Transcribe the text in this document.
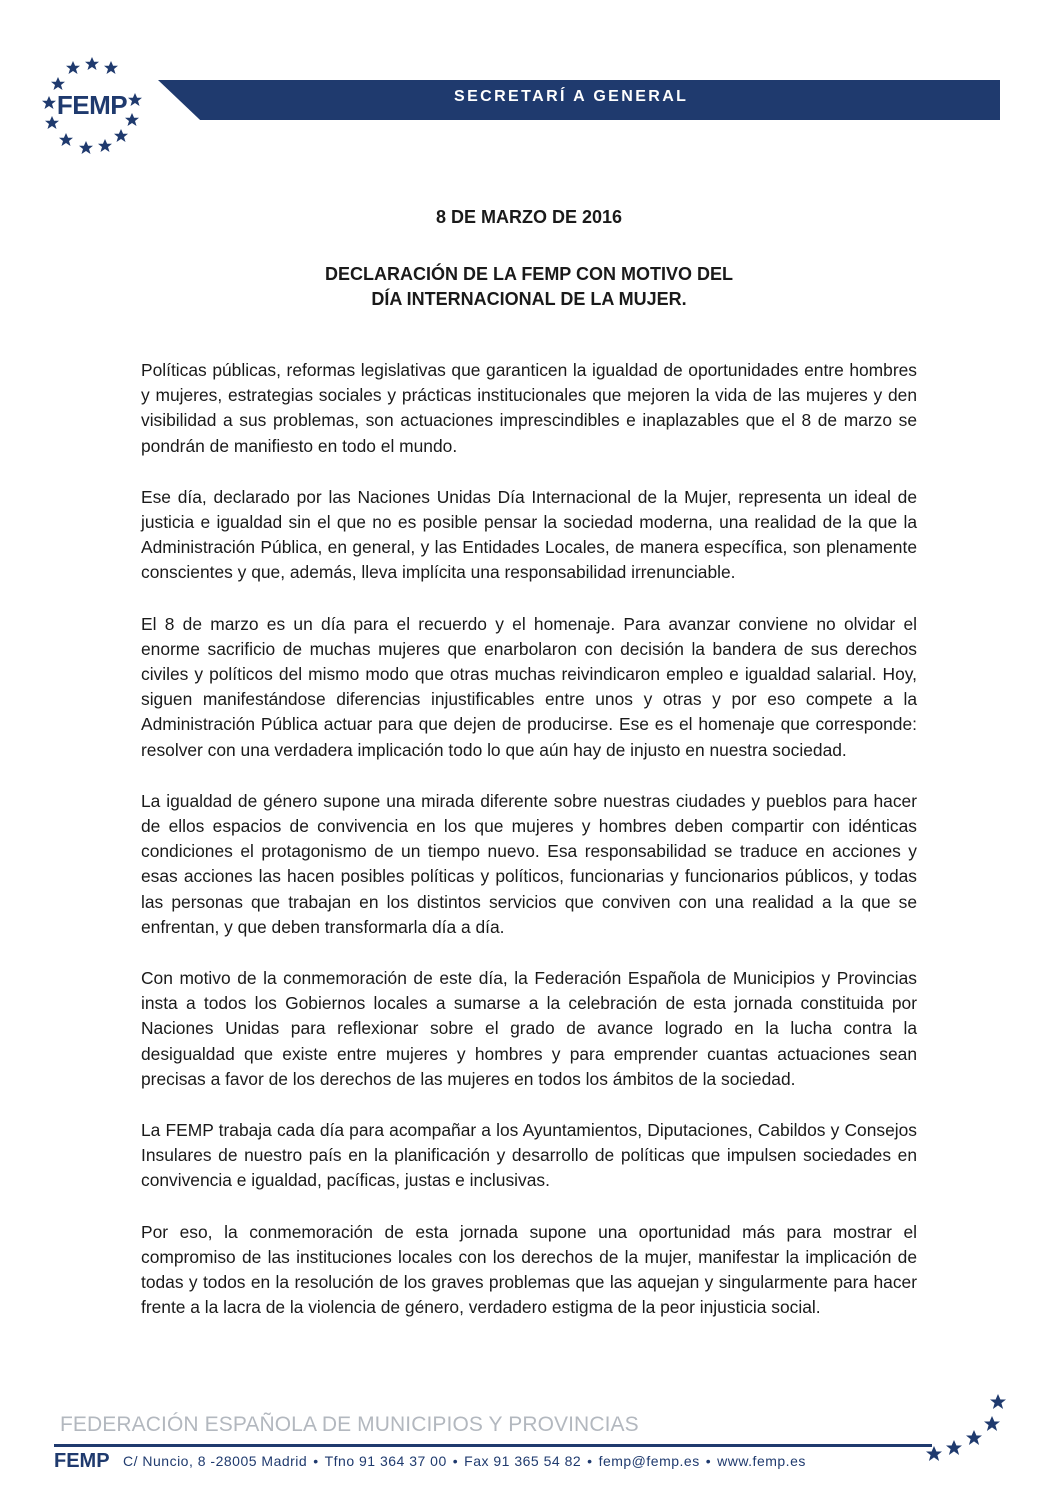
FEMP	SECRETARÍ A GENERAL
8 DE MARZO DE 2016
DECLARACIÓN DE LA FEMP CON MOTIVO DEL
DÍA INTERNACIONAL DE LA MUJER.

Políticas públicas, reformas legislativas que garanticen la igualdad de oportunidades entre hombres y mujeres, estrategias sociales y prácticas institucionales que mejoren la vida de las mujeres y den visibilidad a sus problemas, son actuaciones imprescindibles e inaplazables que el 8 de marzo se pondrán de manifiesto en todo el mundo.

Ese día, declarado por las Naciones Unidas Día Internacional de la Mujer, representa un ideal de justicia e igualdad sin el que no es posible pensar la sociedad moderna, una realidad de la que la Administración Pública, en general, y las Entidades Locales, de manera específica, son plenamente conscientes y que, además, lleva implícita una responsabilidad irrenunciable.

El 8 de marzo es un día para el recuerdo y el homenaje. Para avanzar conviene no olvidar el enorme sacrificio de muchas mujeres que enarbolaron con decisión la bandera de sus derechos civiles y políticos del mismo modo que otras muchas reivindicaron empleo e igualdad salarial. Hoy, siguen manifestándose diferencias injustificables entre unos y otras y por eso compete a la Administración Pública actuar para que dejen de producirse. Ese es el homenaje que corresponde: resolver con una verdadera implicación todo lo que aún hay de injusto en nuestra sociedad.

La igualdad de género supone una mirada diferente sobre nuestras ciudades y pueblos para hacer de ellos espacios de convivencia en los que mujeres y hombres deben compartir con idénticas condiciones el protagonismo de un tiempo nuevo. Esa responsabilidad se traduce en acciones y esas acciones las hacen posibles políticas y políticos, funcionarias y funcionarios públicos, y todas las personas que trabajan en los distintos servicios que conviven con una realidad a la que se enfrentan, y que deben transformarla día a día.

Con motivo de la conmemoración de este día, la Federación Española de Municipios y Provincias insta a todos los Gobiernos locales a sumarse a la celebración de esta jornada constituida por Naciones Unidas para reflexionar sobre el grado de avance logrado en la lucha contra la desigualdad que existe entre mujeres y hombres y para emprender cuantas actuaciones sean precisas a favor de los derechos de las mujeres en todos los ámbitos de la sociedad.

La FEMP trabaja cada día para acompañar a los Ayuntamientos, Diputaciones, Cabildos y Consejos Insulares de nuestro país en la planificación y desarrollo de políticas que impulsen sociedades en convivencia e igualdad, pacíficas, justas e inclusivas.

Por eso, la conmemoración de esta jornada supone una oportunidad más para mostrar el compromiso de las instituciones locales con los derechos de la mujer, manifestar la implicación de todas y todos en la resolución de los graves problemas que las aquejan y singularmente para hacer frente a la lacra de la violencia de género, verdadero estigma de la peor injusticia social.

FEDERACIÓN ESPAÑOLA DE MUNICIPIOS Y PROVINCIAS
FEMP C/ Nuncio, 8 -28005 Madrid • Tfno 91 364 37 00 • Fax 91 365 54 82 • femp@femp.es • www.femp.es
